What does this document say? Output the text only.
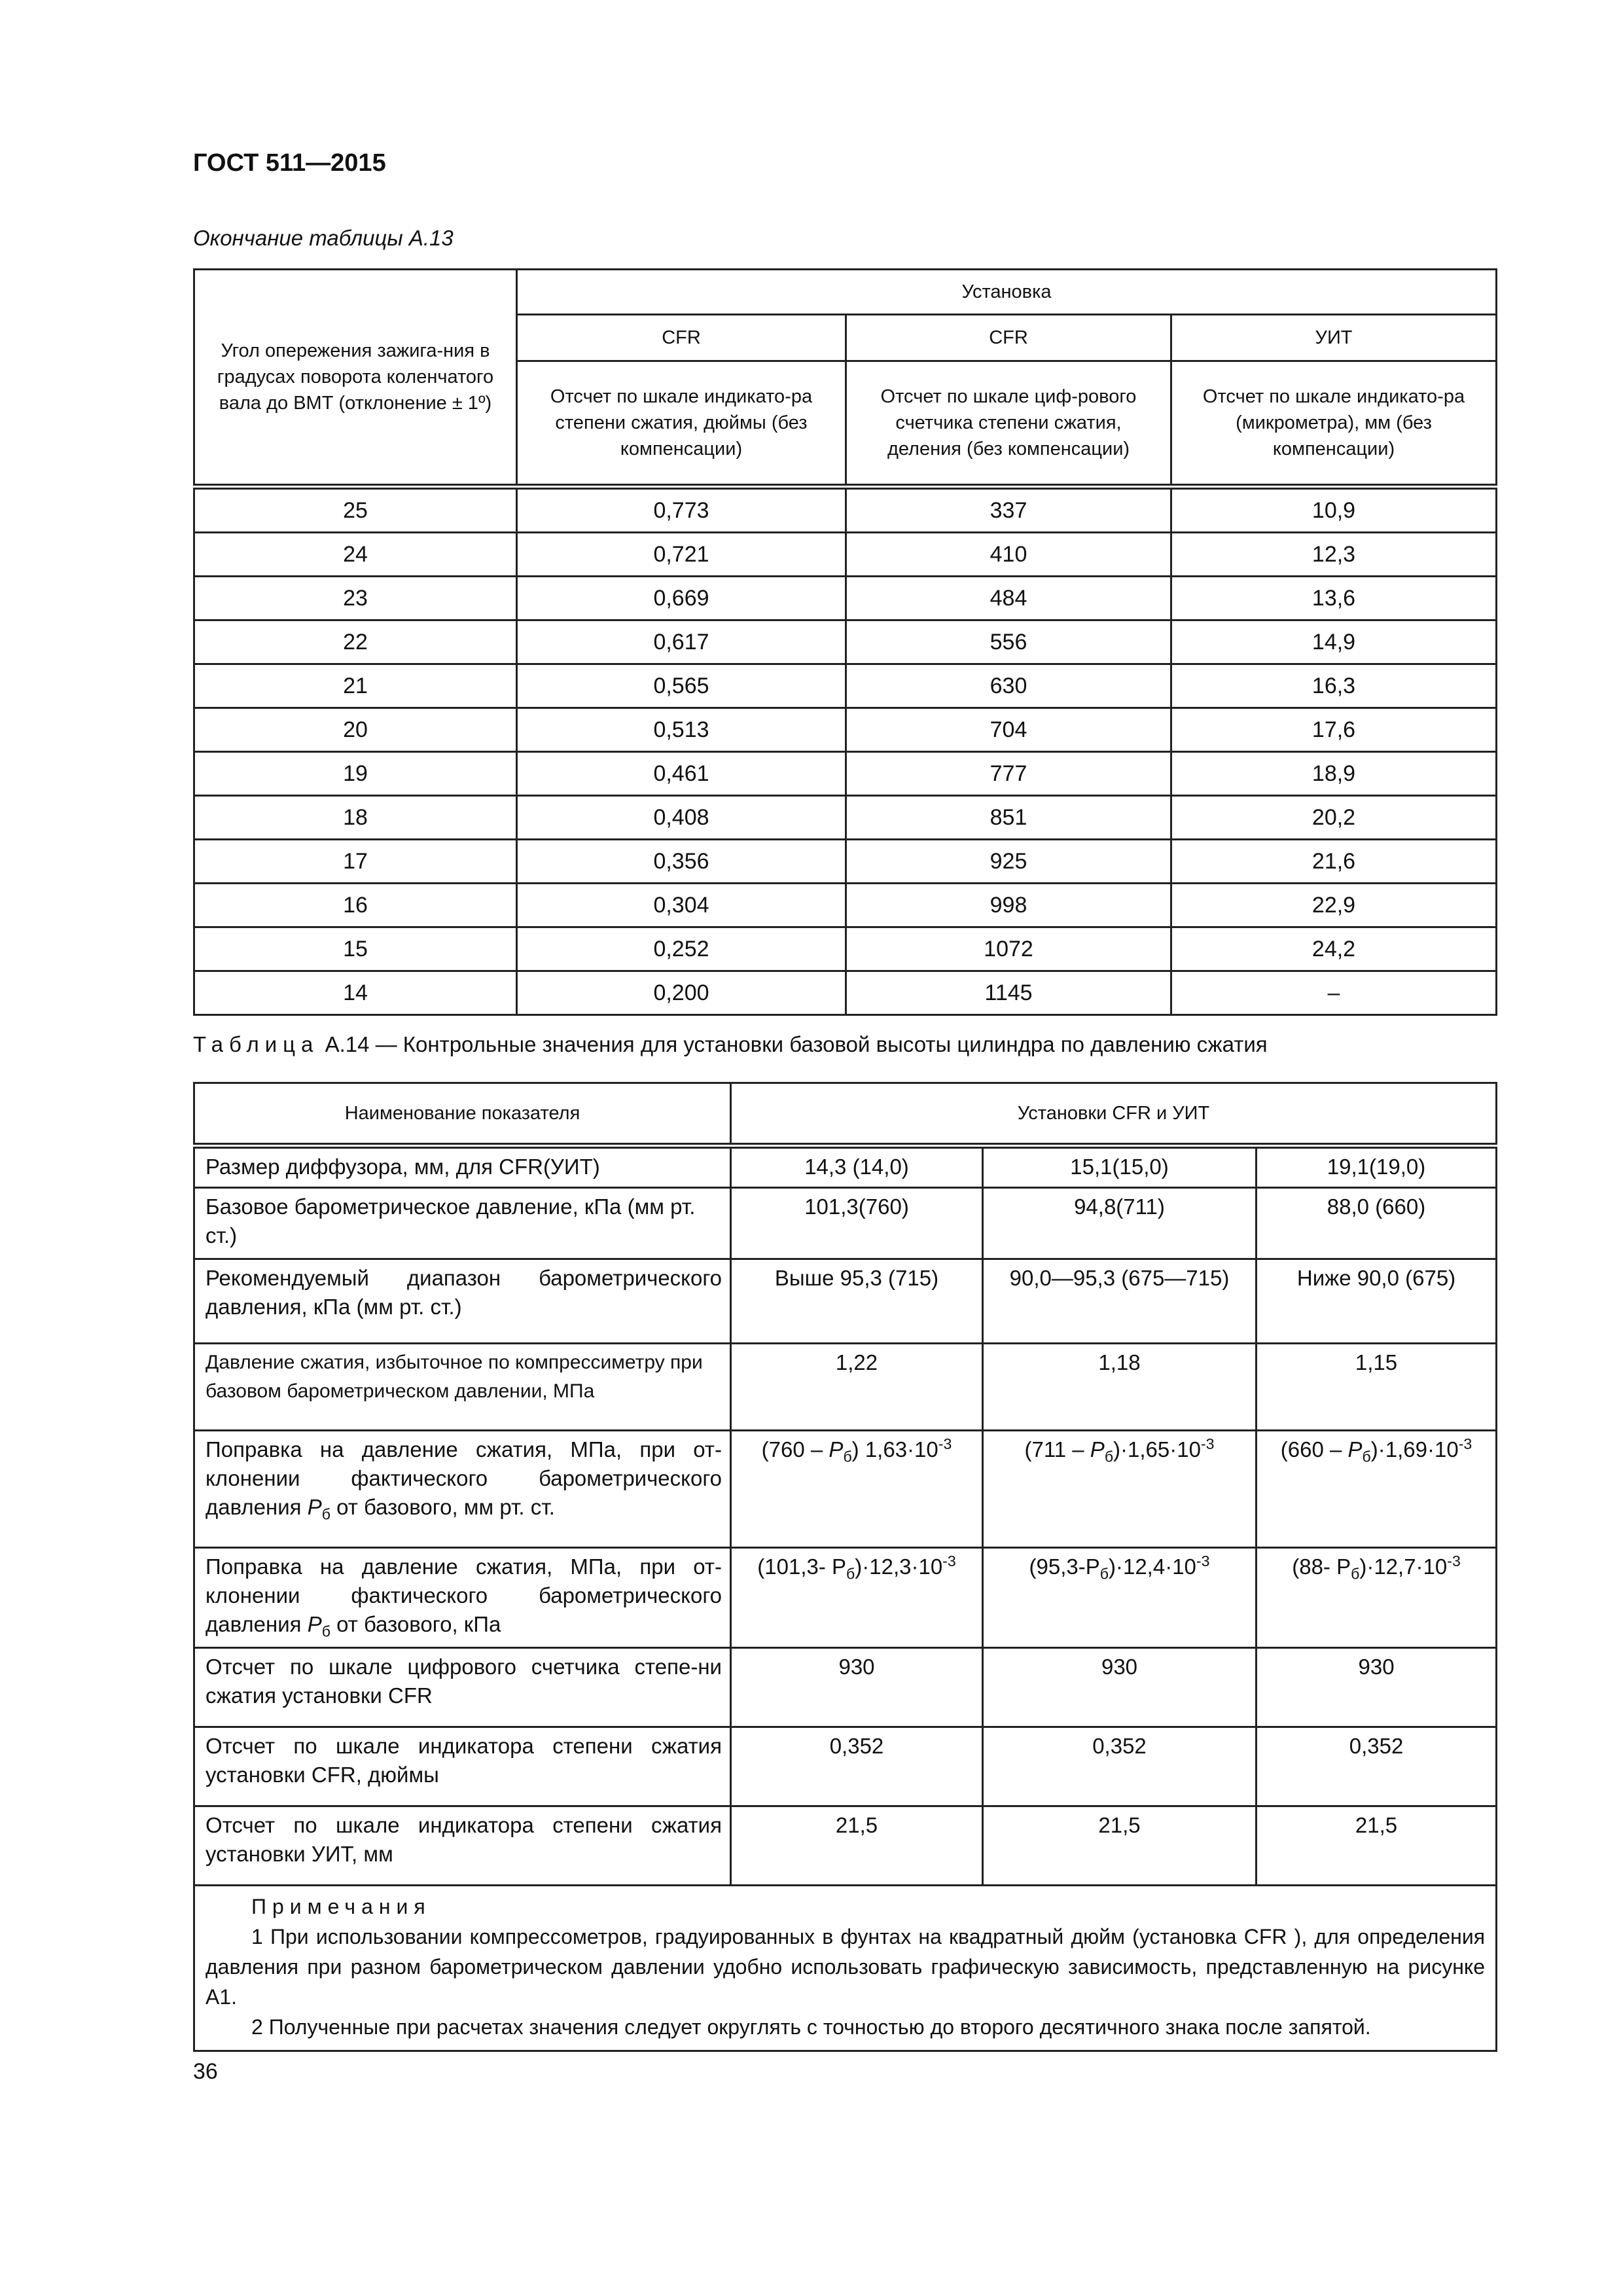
ГОСТ 511—2015
Окончание таблицы А.13
Угол опережения зажига-ния в градусах поворота коленчатого вала до ВМТ (отклонение ± 1º)	Установка		
	CFR	CFR	УИТ
	Отсчет по шкале индикато-ра степени сжатия, дюймы (без компенсации)	Отсчет по шкале циф-рового счетчика степени сжатия, деления (без компенсации)	Отсчет по шкале индикато-ра (микрометра), мм (без компенсации)
25	0,773	337	10,9
24	0,721	410	12,3
23	0,669	484	13,6
22	0,617	556	14,9
21	0,565	630	16,3
20	0,513	704	17,6
19	0,461	777	18,9
18	0,408	851	20,2
17	0,356	925	21,6
16	0,304	998	22,9
15	0,252	1072	24,2
14	0,200	1145	–
Таблица А.14 — Контрольные значения для установки базовой высоты цилиндра по давлению сжатия
Наименование показателя	Установки CFR и УИТ		
Размер диффузора, мм, для CFR(УИТ)	14,3 (14,0)	15,1(15,0)	19,1(19,0)
Базовое барометрическое давление, кПа (мм рт. ст.)	101,3(760)	94,8(711)	88,0 (660)
Рекомендуемый диапазон барометрического давления, кПа (мм рт. ст.)	Выше 95,3 (715)	90,0—95,3 (675—715)	Ниже 90,0 (675)
Давление сжатия, избыточное по компрессиметру при базовом барометрическом давлении, МПа	1,22	1,18	1,15
Поправка на давление сжатия, МПа, при от-клонении фактического барометрического давления $P_б$ от базового, мм рт. ст.	$(760 - P_б)$ $1,63\cdot 10^{-3}$	$(711 - P_б)\cdot 1,65\cdot 10^{-3}$	$(660 - P_б)\cdot 1,69\cdot 10^{-3}$
Поправка на давление сжатия, МПа, при от-клонении фактического барометрического давления $P_б$ от базового, кПа	(101,3- $Р_б)\cdot 12,3\cdot 10^{-3}$	$(95,3-Р_б)\cdot 12,4\cdot 10^{-3}$	(88- $Р_б)\cdot 12,7\cdot 10^{-3}$
Отсчет по шкале цифрового счетчика степе-ни сжатия установки CFR	930	930	930
Отсчет по шкале индикатора степени сжатия установки CFR, дюймы	0,352	0,352	0,352
Отсчет по шкале индикатора степени сжатия установки УИТ, мм	21,5	21,5	21,5

Примечания
1 При использовании компрессометров, градуированных в фунтах на квадратный дюйм (установка CFR ), для определения давления при разном барометрическом давлении удобно использовать графическую зависимость, представленную на рисунке А1.
2 Полученные при расчетах значения следует округлять с точностью до второго десятичного знака после запятой.			
36
